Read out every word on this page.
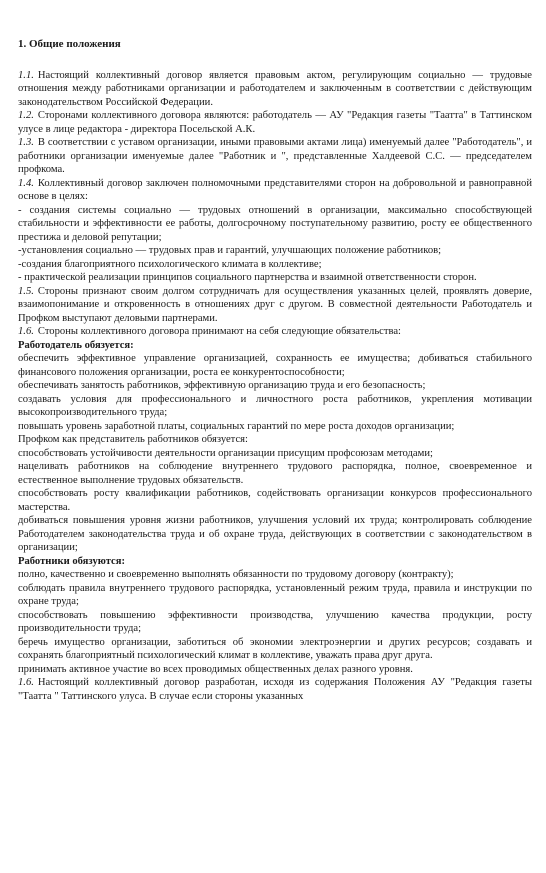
1. Общие положения

1.1. Настоящий коллективный договор является правовым актом, регулирующим социально — трудовые отношения между работниками организации и работодателем и заключенным в соответствии с действующим законодательством Российской Федерации.

1.2. Сторонами коллективного договора являются: работодатель — АУ "Редакция газеты "Таатта" в Таттинском улусе в лице редактора - директора Посельской А.К.

1.3. В соответствии с уставом организации, иными правовыми актами лица) именуемый далее "Работодатель", и работники организации именуемые далее "Работник и ", представленные Халдеевой С.С. — председателем профкома.

1.4. Коллективный договор заключен полномочными представителями сторон на добровольной и равноправной основе в целях:

- создания системы социально — трудовых отношений в организации, максимально способствующей стабильности и эффективности ее работы, долгосрочному поступательному развитию, росту ее общественного престижа и деловой репутации;

-установления социально — трудовых прав и гарантий, улучшающих положение работников;

-создания благоприятного психологического климата в коллективе;

- практической реализации принципов социального партнерства и взаимной ответственности сторон.

1.5. Стороны признают своим долгом сотрудничать для осуществления указанных целей, проявлять доверие, взаимопонимание и откровенность в отношениях друг с другом. В совместной деятельности Работодатель и Профком выступают деловыми партнерами.

1.6. Стороны коллективного договора принимают на себя следующие обязательства:

Работодатель обязуется:

обеспечить эффективное управление организацией, сохранность ее имущества; добиваться стабильного финансового положения организации, роста ее конкурентоспособности;

обеспечивать занятость работников, эффективную организацию труда и его безопасность;

создавать условия для профессионального и личностного роста работников, укрепления мотивации высокопроизводительного труда;

повышать уровень заработной платы, социальных гарантий по мере роста доходов организации;

Профком как представитель работников обязуется:

способствовать устойчивости деятельности организации присущим профсоюзам методами;

нацеливать работников на соблюдение внутреннего трудового распорядка, полное, своевременное и естественное выполнение трудовых обязательств.

способствовать росту квалификации работников, содействовать организации конкурсов профессионального мастерства.

добиваться повышения уровня жизни работников, улучшения условий их труда; контролировать соблюдение Работодателем законодательства труда и об охране труда, действующих в соответствии с законодательством в организации;

Работники обязуются:

полно, качественно и своевременно выполнять обязанности по трудовому договору (контракту);

соблюдать правила внутреннего трудового распорядка, установленный режим труда, правила и инструкции по охране труда;

способствовать повышению эффективности производства, улучшению качества продукции, росту производительности труда;

беречь имущество организации, заботиться об экономии электроэнергии и других ресурсов; создавать и сохранять благоприятный психологический климат в коллективе, уважать права друг друга.

принимать активное участие во всех проводимых общественных делах разного уровня.

1.6. Настоящий коллективный договор разработан, исходя из содержания Положения АУ "Редакция газеты "Таатта " Таттинского улуса. В случае если стороны указанных
